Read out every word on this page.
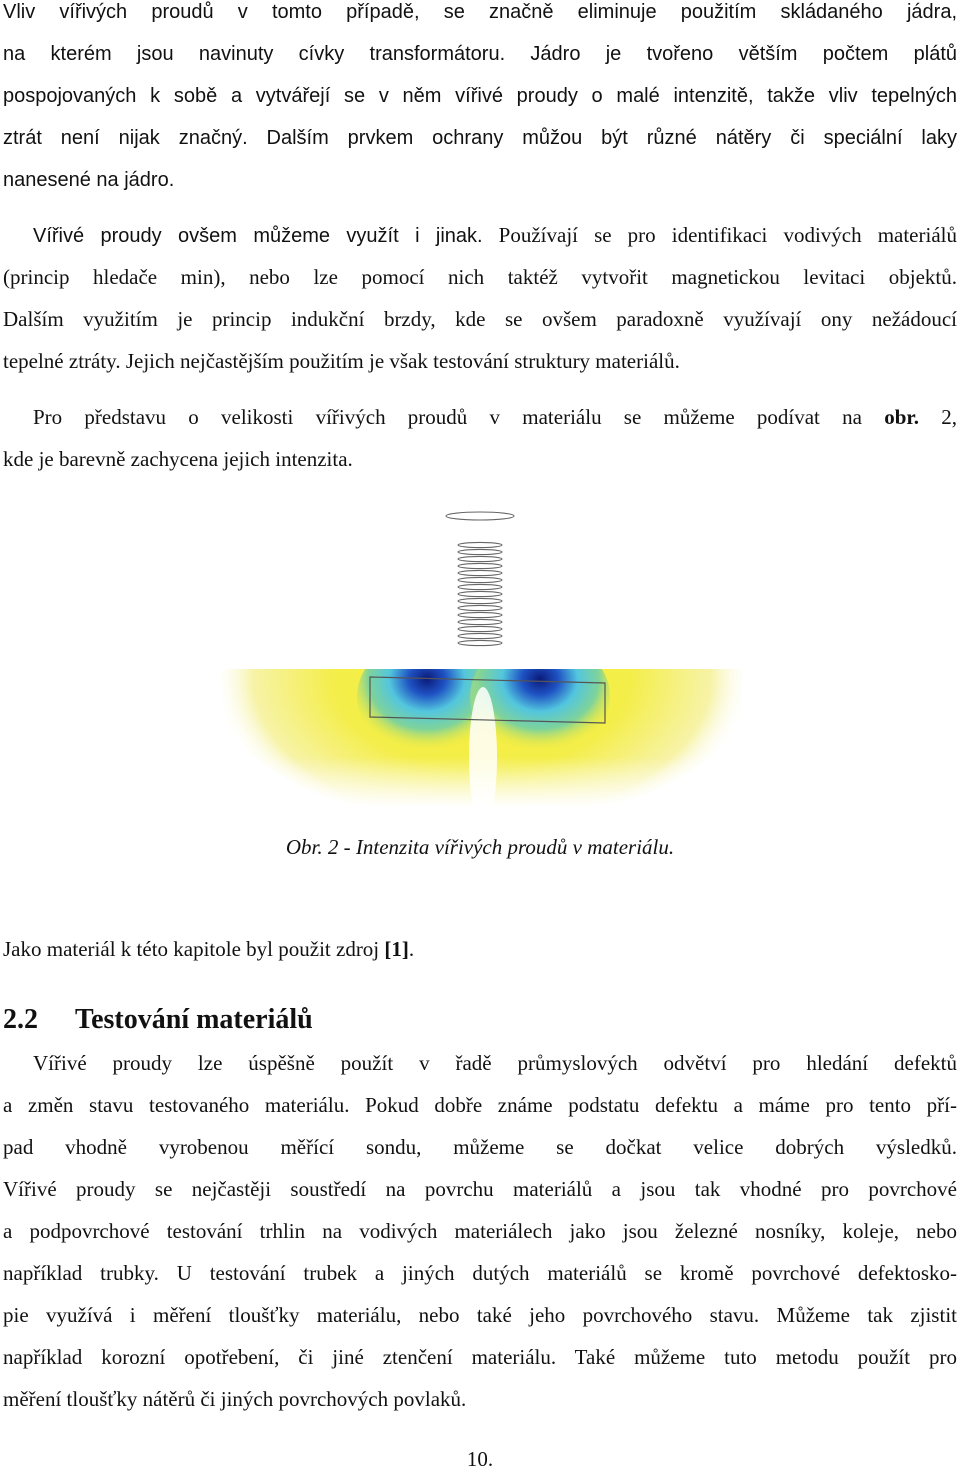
Vliv vířivých proudů v tomto případě, se značně eliminuje použitím skládaného jádra,
na kterém jsou navinuty cívky transformátoru. Jádro je tvořeno větším počtem plátů
pospojovaných k sobě a vytvářejí se v něm vířivé proudy o malé intenzitě, takže vliv tepelných
ztrát není nijak značný. Dalším prvkem ochrany můžou být různé nátěry či speciální laky
nanesené na jádro.
Vířivé proudy ovšem můžeme využít i jinak. Používají se pro identifikaci vodivých materiálů
(princip hledače min), nebo lze pomocí nich taktéž vytvořit magnetickou levitaci objektů.
Dalším využitím je princip indukční brzdy, kde se ovšem paradoxně využívají ony nežádoucí
tepelné ztráty. Jejich nejčastějším použitím je však testování struktury materiálů.
Pro představu o velikosti vířivých proudů v materiálu se můžeme podívat na obr. 2,
kde je barevně zachycena jejich intenzita.
Obr. 2 - Intenzita vířivých proudů v materiálu.
Jako materiál k této kapitole byl použit zdroj [1].
2.2 Testování materiálů
Vířivé proudy lze úspěšně použít v řadě průmyslových odvětví pro hledání defektů
a změn stavu testovaného materiálu. Pokud dobře známe podstatu defektu a máme pro tento pří-
pad vhodně vyrobenou měřící sondu, můžeme se dočkat velice dobrých výsledků.
Vířivé proudy se nejčastěji soustředí na povrchu materiálů a jsou tak vhodné pro povrchové
a podpovrchové testování trhlin na vodivých materiálech jako jsou železné nosníky, koleje, nebo
například trubky. U testování trubek a jiných dutých materiálů se kromě povrchové defektosko-
pie využívá i měření tloušťky materiálu, nebo také jeho povrchového stavu. Můžeme tak zjistit
například korozní opotřebení, či jiné ztenčení materiálu. Také můžeme tuto metodu použít pro
měření tloušťky nátěrů či jiných povrchových povlaků.
10.
